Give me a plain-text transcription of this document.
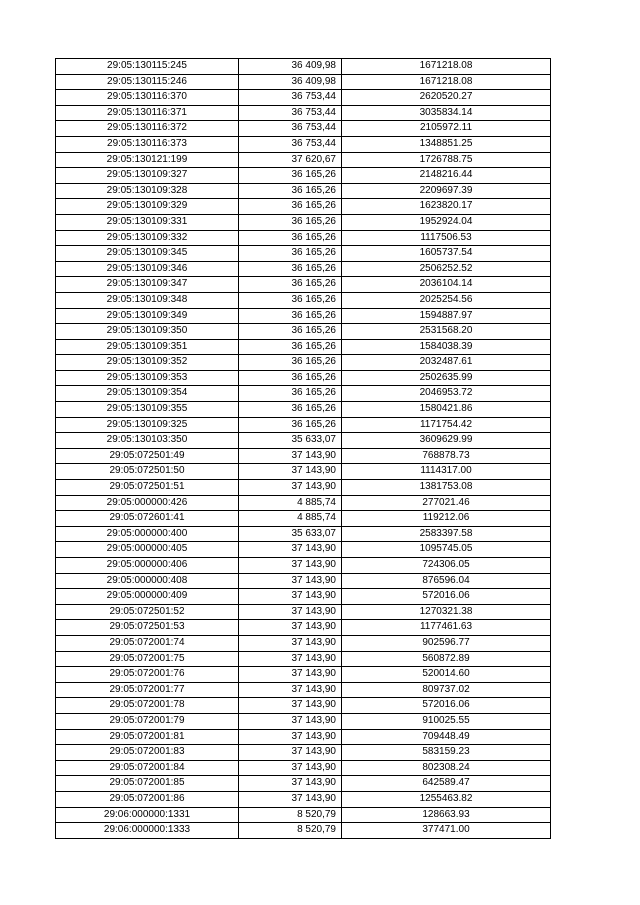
29:05:130115:245	36 409,98	1671218.08
29:05:130115:246	36 409,98	1671218.08
29:05:130116:370	36 753,44	2620520.27
29:05:130116:371	36 753,44	3035834.14
29:05:130116:372	36 753,44	2105972.11
29:05:130116:373	36 753,44	1348851.25
29:05:130121:199	37 620,67	1726788.75
29:05:130109:327	36 165,26	2148216.44
29:05:130109:328	36 165,26	2209697.39
29:05:130109:329	36 165,26	1623820.17
29:05:130109:331	36 165,26	1952924.04
29:05:130109:332	36 165,26	1117506.53
29:05:130109:345	36 165,26	1605737.54
29:05:130109:346	36 165,26	2506252.52
29:05:130109:347	36 165,26	2036104.14
29:05:130109:348	36 165,26	2025254.56
29:05:130109:349	36 165,26	1594887.97
29:05:130109:350	36 165,26	2531568.20
29:05:130109:351	36 165,26	1584038.39
29:05:130109:352	36 165,26	2032487.61
29:05:130109:353	36 165,26	2502635.99
29:05:130109:354	36 165,26	2046953.72
29:05:130109:355	36 165,26	1580421.86
29:05:130109:325	36 165,26	1171754.42
29:05:130103:350	35 633,07	3609629.99
29:05:072501:49	37 143,90	768878.73
29:05:072501:50	37 143,90	1114317.00
29:05:072501:51	37 143,90	1381753.08
29:05:000000:426	4 885,74	277021.46
29:05:072601:41	4 885,74	119212.06
29:05:000000:400	35 633,07	2583397.58
29:05:000000:405	37 143,90	1095745.05
29:05:000000:406	37 143,90	724306.05
29:05:000000:408	37 143,90	876596.04
29:05:000000:409	37 143,90	572016.06
29:05:072501:52	37 143,90	1270321.38
29:05:072501:53	37 143,90	1177461.63
29:05:072001:74	37 143,90	902596.77
29:05:072001:75	37 143,90	560872.89
29:05:072001:76	37 143,90	520014.60
29:05:072001:77	37 143,90	809737.02
29:05:072001:78	37 143,90	572016.06
29:05:072001:79	37 143,90	910025.55
29:05:072001:81	37 143,90	709448.49
29:05:072001:83	37 143,90	583159.23
29:05:072001:84	37 143,90	802308.24
29:05:072001:85	37 143,90	642589.47
29:05:072001:86	37 143,90	1255463.82
29:06:000000:1331	8 520,79	128663.93
29:06:000000:1333	8 520,79	377471.00
